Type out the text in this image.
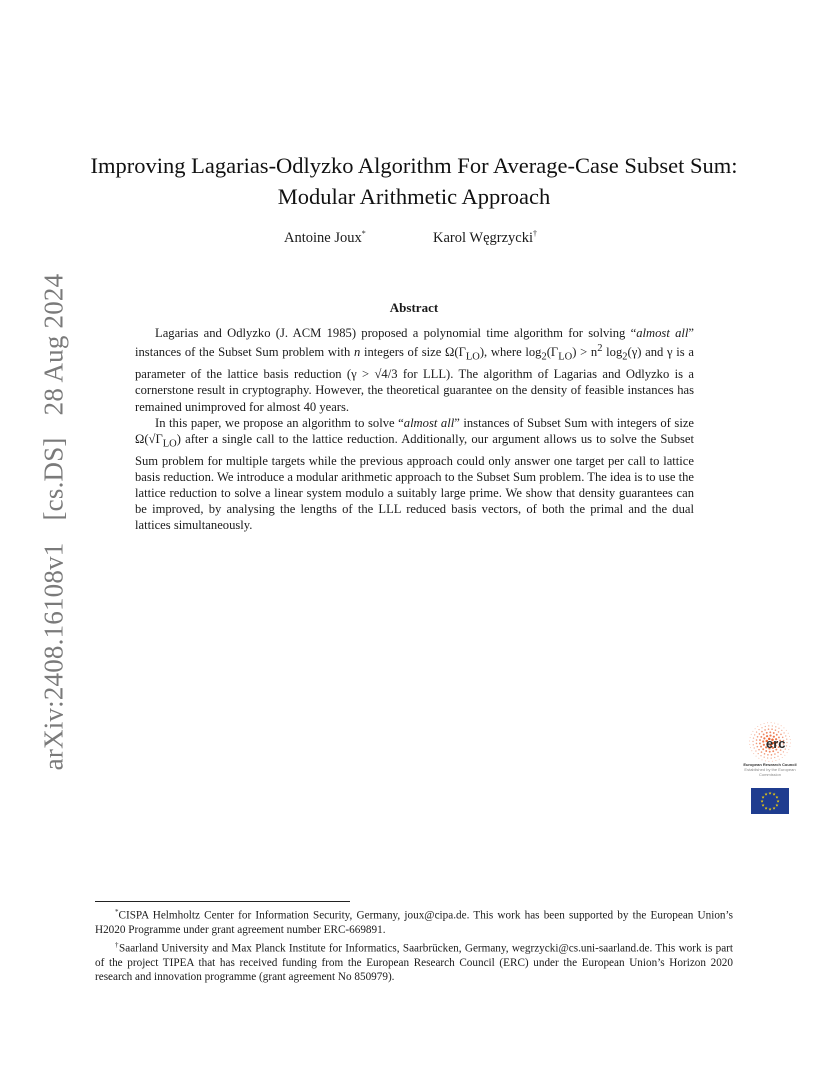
arXiv:2408.16108v1[cs.DS]28 Aug 2024
Improving Lagarias-Odlyzko Algorithm For Average-Case Subset Sum: Modular Arithmetic Approach
Antoine Joux*	Karol Węgrzycki†
Abstract

Lagarias and Odlyzko (J. ACM 1985) proposed a polynomial time algorithm for solving “almost all” instances of the Subset Sum problem with n integers of size $\Omega(\Gamma_{LO})$, where $\log_2(\Gamma_{LO}) > n^2$ $\log_2(\gamma)$ and γ is a parameter of the lattice basis reduction (γ > √4/3 for LLL). The algorithm of Lagarias and Odlyzko is a cornerstone result in cryptography. However, the theoretical guarantee on the density of feasible instances has remained unimproved for almost 40 years.

In this paper, we propose an algorithm to solve “almost all” instances of Subset Sum with integers of size $\Omega(√\Gamma_{LO})$ after a single call to the lattice reduction. Additionally, our argument allows us to solve the Subset Sum problem for multiple targets while the previous approach could only answer one target per call to lattice basis reduction. We introduce a modular arithmetic approach to the Subset Sum problem. The idea is to use the lattice reduction to solve a linear system modulo a suitably large prime. We show that density guarantees can be improved, by analysing the lengths of the LLL reduced basis vectors, of both the primal and the dual lattices simultaneously.

erc
European Research Council
Established by the European Commission
★
★
★
★
★
★
★
★
★ ★ ★
★

*CISPA Helmholtz Center for Information Security, Germany, joux@cipa.de. This work has been supported by the European Union’s H2020 Programme under grant agreement number ERC-669891.

†Saarland University and Max Planck Institute for Informatics, Saarbrücken, Germany, wegrzycki@cs.uni-saarland.de. This work is part of the project TIPEA that has received funding from the European Research Council (ERC) under the European Union’s Horizon 2020 research and innovation programme (grant agreement No 850979).
